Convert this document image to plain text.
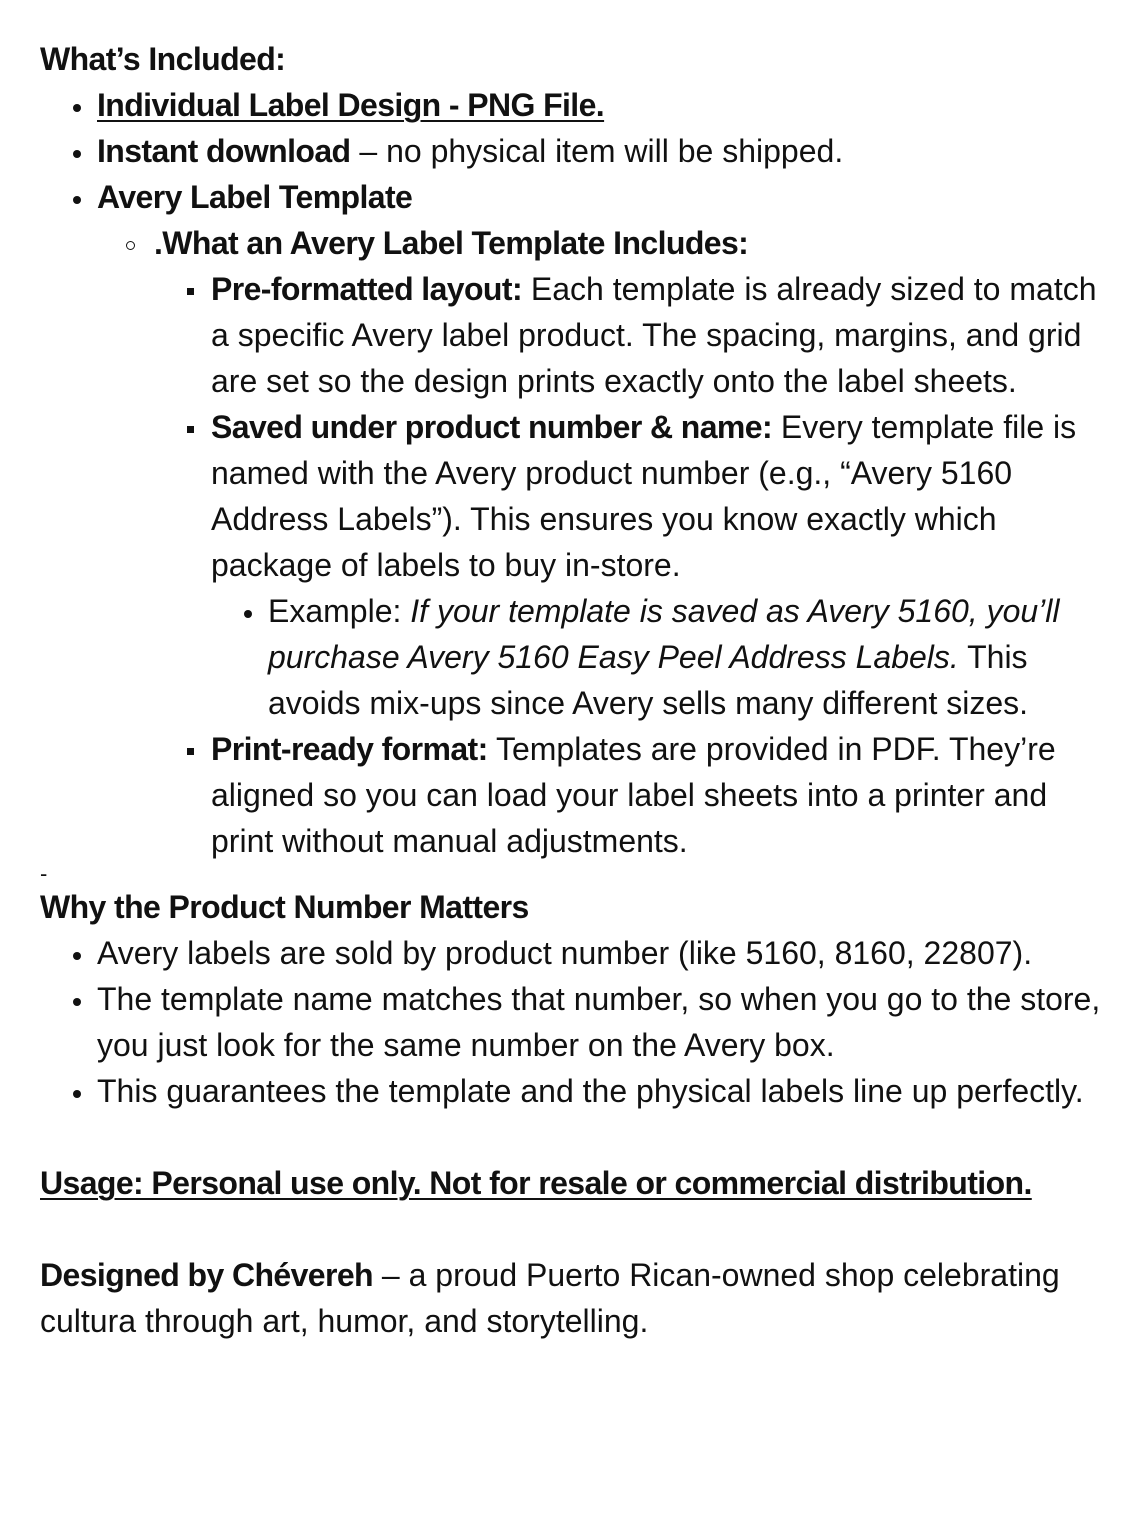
What’s Included:

Individual Label Design - PNG File.
Instant download – no physical item will be shipped.
Avery Label Template
.What an Avery Label Template Includes:
Pre-formatted layout: Each template is already sized to match a specific Avery label product. The spacing, margins, and grid are set so the design prints exactly onto the label sheets.
Saved under product number & name: Every template file is named with the Avery product number (e.g., “Avery 5160 Address Labels”). This ensures you know exactly which package of labels to buy in-store.
Example: If your template is saved as Avery 5160, you’ll purchase Avery 5160 Easy Peel Address Labels. This avoids mix-ups since Avery sells many different sizes.
Print-ready format: Templates are provided in PDF. They’re aligned so you can load your label sheets into a printer and print without manual adjustments.

-

Why the Product Number Matters

Avery labels are sold by product number (like 5160, 8160, 22807).
The template name matches that number, so when you go to the store, you just look for the same number on the Avery box.
This guarantees the template and the physical labels line up perfectly.

Usage: Personal use only. Not for resale or commercial distribution.

Designed by Chévereh – a proud Puerto Rican-owned shop celebrating cultura through art, humor, and storytelling.
